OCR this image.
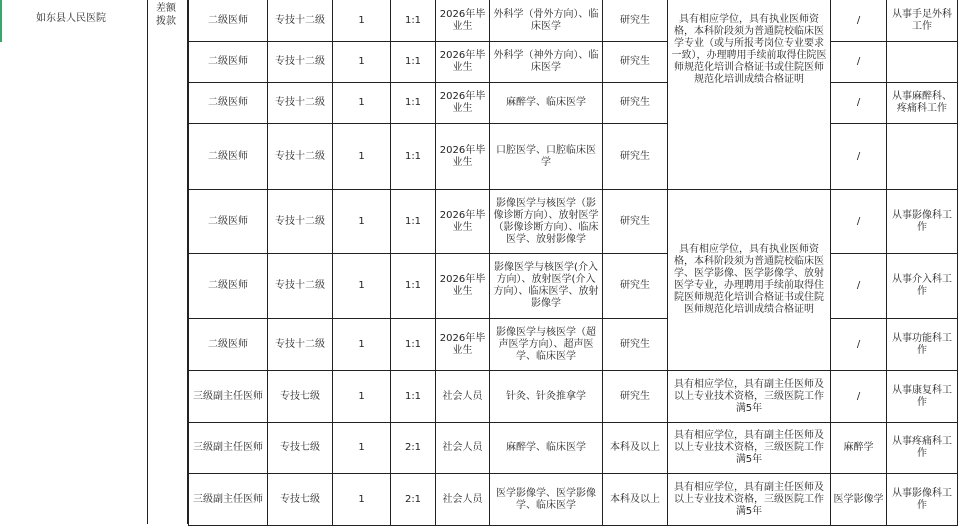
如东县人民医院
差额拨款	二级医师	专技十二级	1	1:1	2026年毕业生	外科学（骨外方向）、临床医学	研究生	具有相应学位，具有执业医师资格，本科阶段须为普通院校临床医学专业（或与所报考岗位专业要求一致），办理聘用手续前取得住院医师规范化培训合格证书或住院医师规范化培训成绩合格证明	/	从事手足外科工作
二级医师	专技十二级	1	1:1	2026年毕业生	外科学（神外方向）、临床医学	研究生		/	
二级医师	专技十二级	1	1:1	2026年毕业生	麻醉学、临床医学	研究生		/	从事麻醉科、疼痛科工作
二级医师	专技十二级	1	1:1	2026年毕业生	口腔医学、口腔临床医学	研究生		/	
二级医师	专技十二级	1	1:1	2026年毕业生	影像医学与核医学（影像诊断方向）、放射医学（影像诊断方向）、临床医学、放射影像学	研究生	具有相应学位，具有执业医师资格，本科阶段须为普通院校临床医学、医学影像、医学影像学、放射医学专业，办理聘用手续前取得住院医师规范化培训合格证书或住院医师规范化培训成绩合格证明	/	从事影像科工作
二级医师	专技十二级	1	1:1	2026年毕业生	影像医学与核医学(介入方向）、放射医学(介入方向）、临床医学、放射影像学	研究生		/	从事介入科工作
二级医师	专技十二级	1	1:1	2026年毕业生	影像医学与核医学（超声医学方向）、超声医学、临床医学	研究生		/	从事功能科工作
三级副主任医师	专技七级	1	1:1	社会人员	针灸、针灸推拿学	研究生	具有相应学位，具有副主任医师及以上专业技术资格，三级医院工作满5年	/	从事康复科工作
三级副主任医师	专技七级	1	2:1	社会人员	麻醉学、临床医学	本科及以上	具有相应学位，具有副主任医师及以上专业技术资格，三级医院工作满5年	麻醉学	从事疼痛科工作
三级副主任医师	专技七级	1	2:1	社会人员	医学影像学、医学影像学、临床医学	本科及以上	具有相应学位，具有副主任医师及以上专业技术资格，三级医院工作满5年	医学影像学	从事影像科工作
